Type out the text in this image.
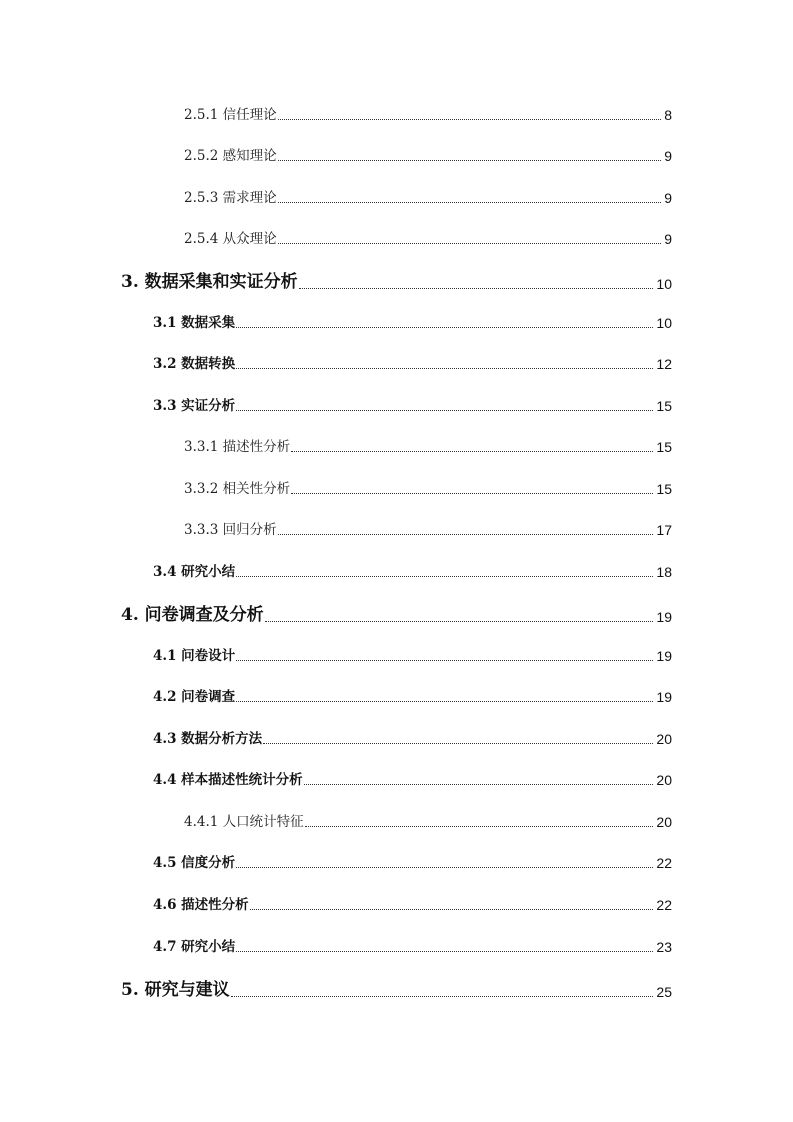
2.5.1 信任理论	8
2.5.2 感知理论	9
2.5.3 需求理论	9
2.5.4 从众理论	9
3. 数据采集和实证分析	10
3.1 数据采集	10
3.2 数据转换	12
3.3 实证分析	15
3.3.1 描述性分析	15
3.3.2 相关性分析	15
3.3.3 回归分析	17
3.4 研究小结	18
4. 问卷调查及分析	19
4.1 问卷设计	19
4.2 问卷调查	19
4.3 数据分析方法	20
4.4 样本描述性统计分析	20
4.4.1 人口统计特征	20
4.5 信度分析	22
4.6 描述性分析	22
4.7 研究小结	23
5. 研究与建议	25
